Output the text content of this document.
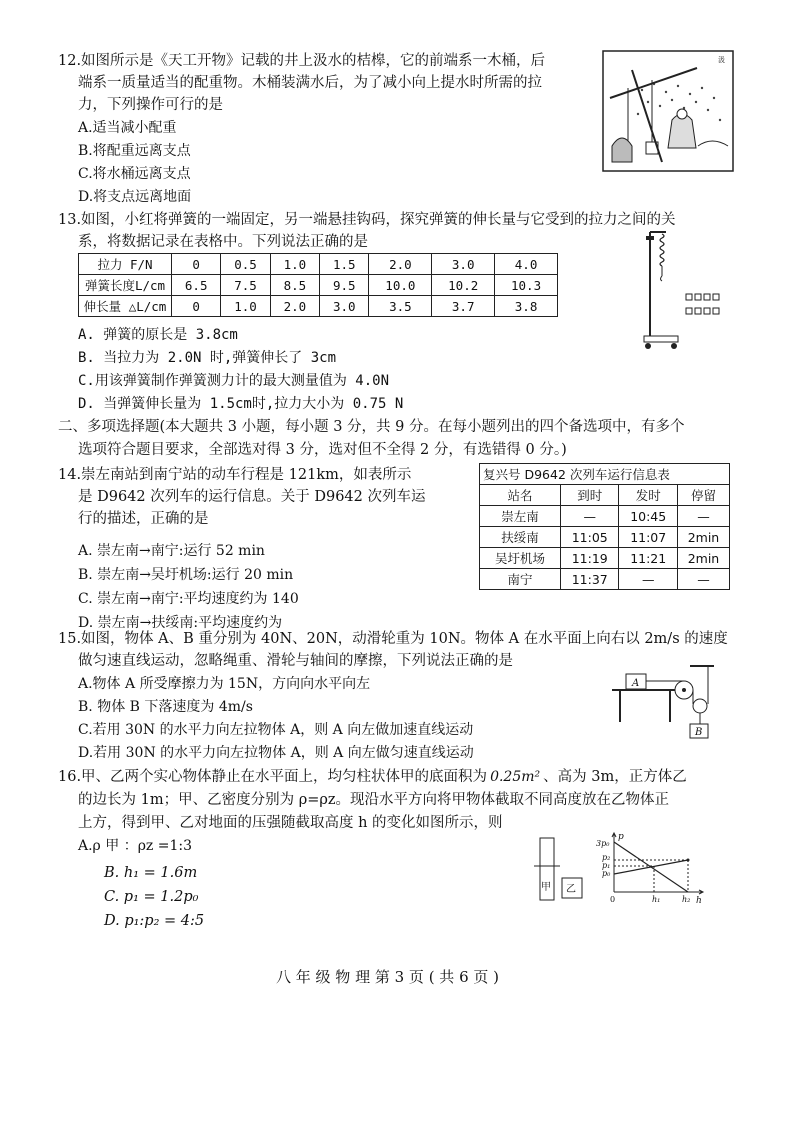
12.如图所示是《天工开物》记载的井上汲水的桔槔，它的前端系一木桶，后
端系一质量适当的配重物。木桶装满水后，为了减小向上提水时所需的拉
力，下列操作可行的是
A.适当减小配重
B.将配重远离支点
C.将水桶远离支点
D.将支点远离地面
汲
13.如图，小红将弹簧的一端固定，另一端悬挂钩码，探究弹簧的伸长量与它受到的拉力之间的关
系，将数据记录在表格中。下列说法正确的是
拉力 F/N	0	0.5	1.0	1.5	2.0	3.0	4.0
弹簧长度L/cm	6.5	7.5	8.5	9.5	10.0	10.2	10.3
伸长量 △L/cm	0	1.0	2.0	3.0	3.5	3.7	3.8
A. 弹簧的原长是 3.8cm
B. 当拉力为 2.0N 时,弹簧伸长了 3cm
C.用该弹簧制作弹簧测力计的最大测量值为 4.0N
D. 当弹簧伸长量为 1.5cm时,拉力大小为 0.75 N
二、多项选择题(本大题共 3 小题，每小题 3 分，共 9 分。在每小题列出的四个备选项中，有多个
选项符合题目要求，全部选对得 3 分，选对但不全得 2 分，有选错得 0 分。)
14.崇左南站到南宁站的动车行程是 121km，如表所示
是 D9642 次列车的运行信息。关于 D9642 次列车运
行的描述，正确的是
A. 崇左南→南宁:运行 52 min
B. 崇左南→吴圩机场:运行 20 min
C. 崇左南→南宁:平均速度约为 140
D. 崇左南→扶绥南:平均速度约为
复兴号 D9642 次列车运行信息表			
站名	到时	发时	停留
崇左南	—	10:45	—
扶绥南	11:05	11:07	2min
吴圩机场	11:19	11:21	2min
南宁	11:37	—	—
15.如图，物体 A、B 重分别为 40N、20N，动滑轮重为 10N。物体 A 在水平面上向右以 2m/s 的速度
做匀速直线运动，忽略绳重、滑轮与轴间的摩擦，下列说法正确的是
A.物体 A 所受摩擦力为 15N，方向向水平向左
B. 物体 B 下落速度为 4m/s
C.若用 30N 的水平力向左拉物体 A，则 A 向左做加速直线运动
D.若用 30N 的水平力向左拉物体 A，则 A 向左做匀速直线运动
A
B
16.甲、乙两个实心物体静止在水平面上，均匀柱状体甲的底面积为 0.25m² 、高为 3m，正方体乙
的边长为 1m；甲、乙密度分别为 ρ=ρz。现沿水平方向将甲物体截取不同高度放在乙物体正
上方，得到甲、乙对地面的压强随截取高度 h 的变化如图所示，则
A.ρ 甲 ：ρz =1:3
B. h₁ = 1.6m
C. p₁ = 1.2p₀
D. p₁:p₂ = 4:5
甲 乙
p
h
3p₀
p₂
p₁
p₀
0	h₁	h₂
八 年 级 物 理 第 3 页 ( 共 6 页 )
